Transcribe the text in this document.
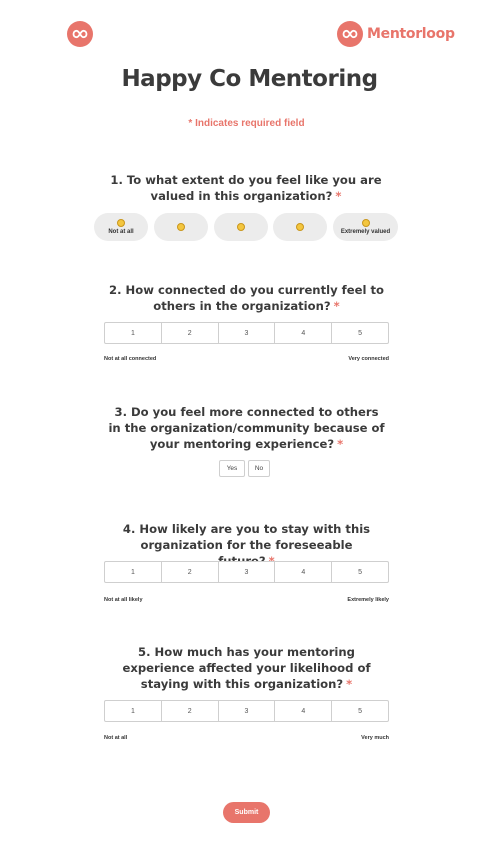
Mentorloop
Happy Co Mentoring
* Indicates required field
1. To what extent do you feel like you are valued in this organization? *
Not at all	Extremely valued
2. How connected do you currently feel to others in the organization? *
1	2	3	4	5
Not at all connected	Very connected
3. Do you feel more connected to others in the organization/community because of your mentoring experience? *
Yes	No
4. How likely are you to stay with this organization for the foreseeable
1	2	3	4	5
Not at all likely	Extremely likely
5. How much has your mentoring experience affected your likelihood of staying with this organization? *
1	2	3	4	5
Not at all	Very much
Submit
